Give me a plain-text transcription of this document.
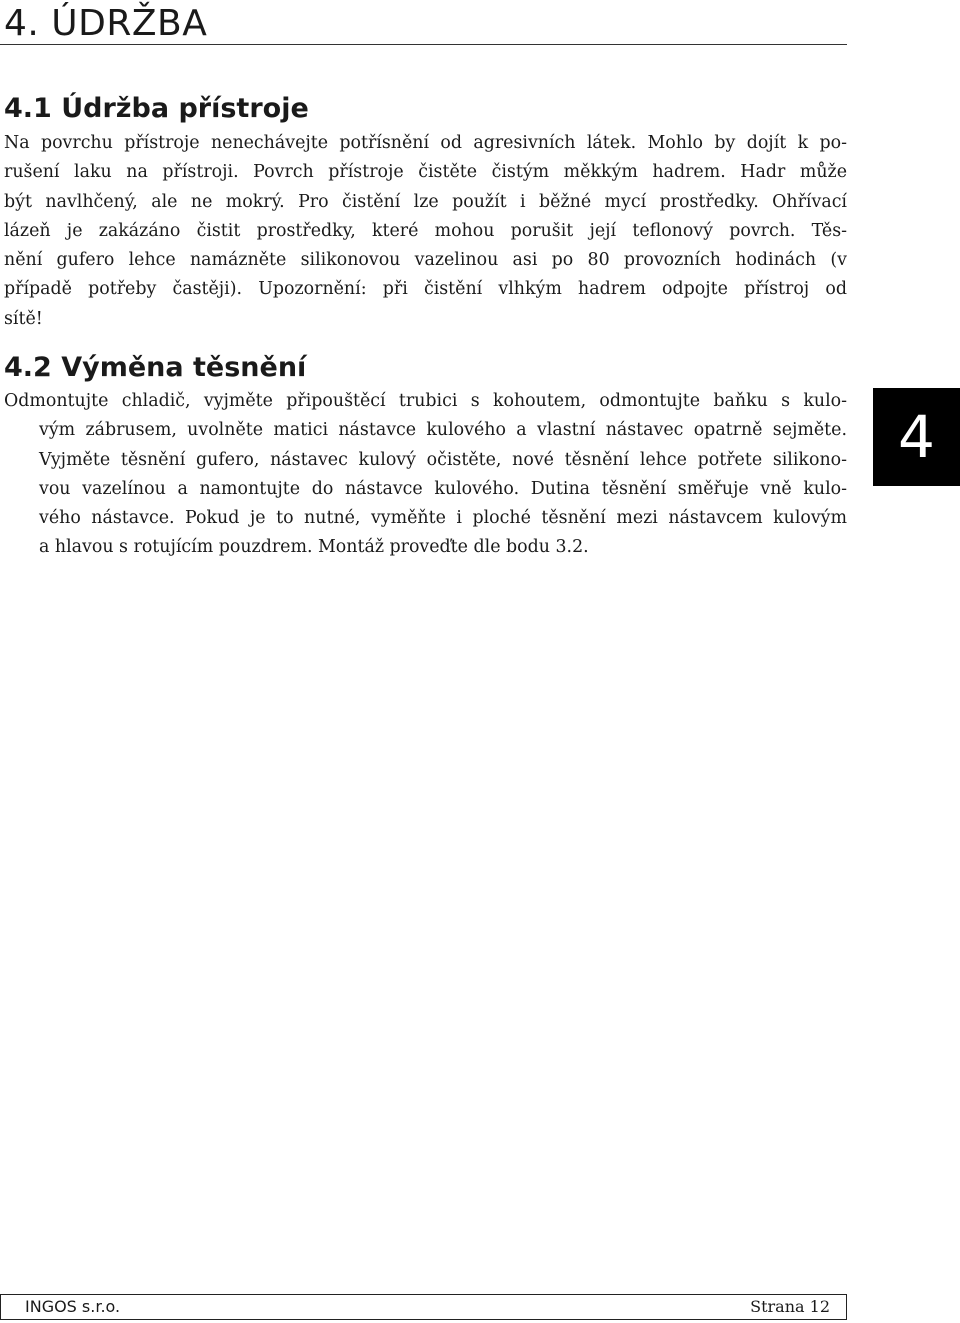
4. ÚDRŽBA
4.1 Údržba přístroje
Na povrchu přístroje nenechávejte potřísnění od agresivních látek. Mohlo by dojít k po-
rušení laku na přístroji. Povrch přístroje čistěte čistým měkkým hadrem. Hadr může
být navlhčený, ale ne mokrý. Pro čistění lze použít i běžné mycí prostředky. Ohřívací
lázeň je zakázáno čistit prostředky, které mohou porušit její teflonový povrch. Těs-
nění gufero lehce namázněte silikonovou vazelinou asi po 80 provozních hodinách (v
případě potřeby častěji). Upozornění: při čistění vlhkým hadrem odpojte přístroj od
sítě!
4.2 Výměna těsnění
Odmontujte chladič, vyjměte připouštěcí trubici s kohoutem, odmontujte baňku s kulo-
vým zábrusem, uvolněte matici nástavce kulového a vlastní nástavec opatrně sejměte.
Vyjměte těsnění gufero, nástavec kulový očistěte, nové těsnění lehce potřete silikono-
vou vazelínou a namontujte do nástavce kulového. Dutina těsnění směřuje vně kulo-
vého nástavce. Pokud je to nutné, vyměňte i ploché těsnění mezi nástavcem kulovým
a hlavou s rotujícím pouzdrem. Montáž proveďte dle bodu 3.2.
4
INGOS s.r.o.	Strana 12
